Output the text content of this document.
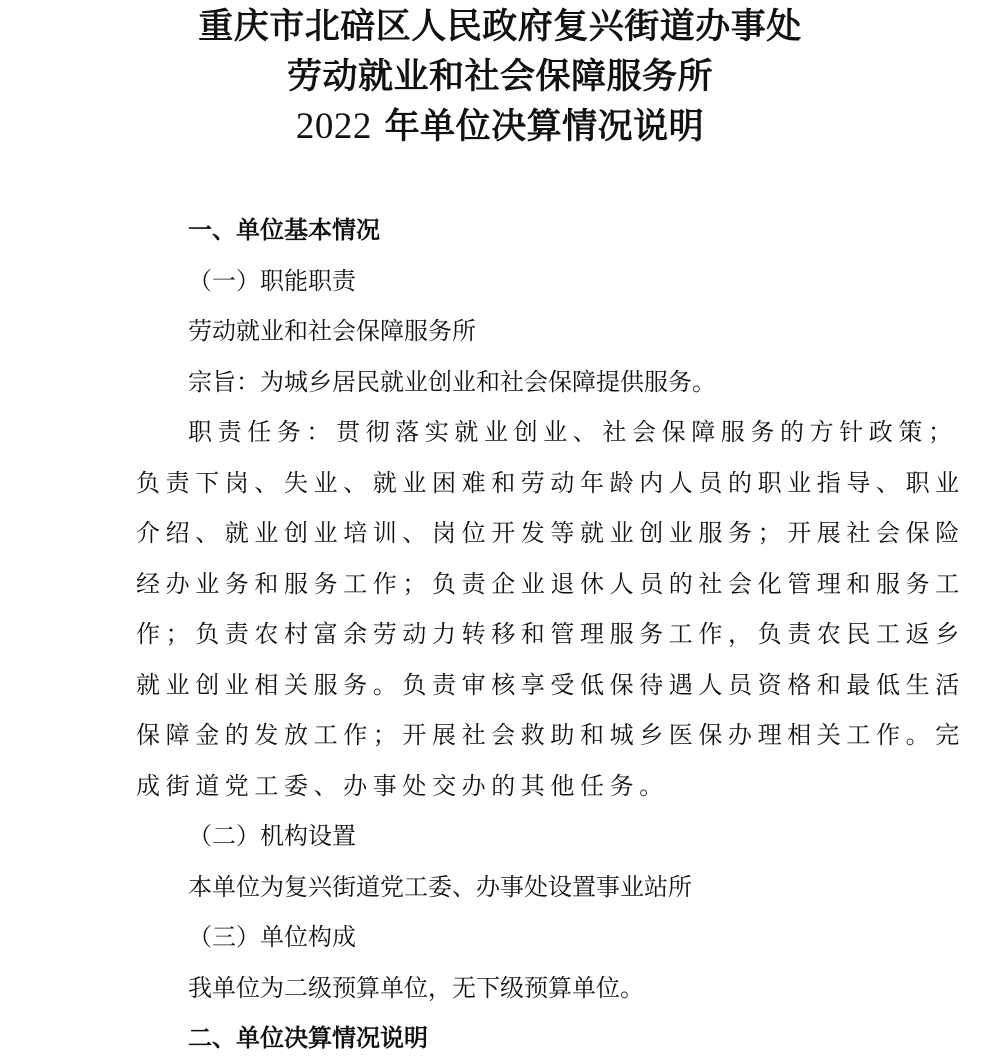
重庆市北碚区人民政府复兴街道办事处
劳动就业和社会保障服务所
2022 年单位决算情况说明
一、单位基本情况
（一）职能职责
劳动就业和社会保障服务所
宗旨：为城乡居民就业创业和社会保障提供服务。
职责任务：贯彻落实就业创业、社会保障服务的方针政策；
负责下岗、失业、就业困难和劳动年龄内人员的职业指导、职业
介绍、就业创业培训、岗位开发等就业创业服务；开展社会保险
经办业务和服务工作；负责企业退休人员的社会化管理和服务工
作；负责农村富余劳动力转移和管理服务工作，负责农民工返乡
就业创业相关服务。负责审核享受低保待遇人员资格和最低生活
保障金的发放工作；开展社会救助和城乡医保办理相关工作。完
成街道党工委、办事处交办的其他任务。
（二）机构设置
本单位为复兴街道党工委、办事处设置事业站所
（三）单位构成
我单位为二级预算单位，无下级预算单位。
二、单位决算情况说明
